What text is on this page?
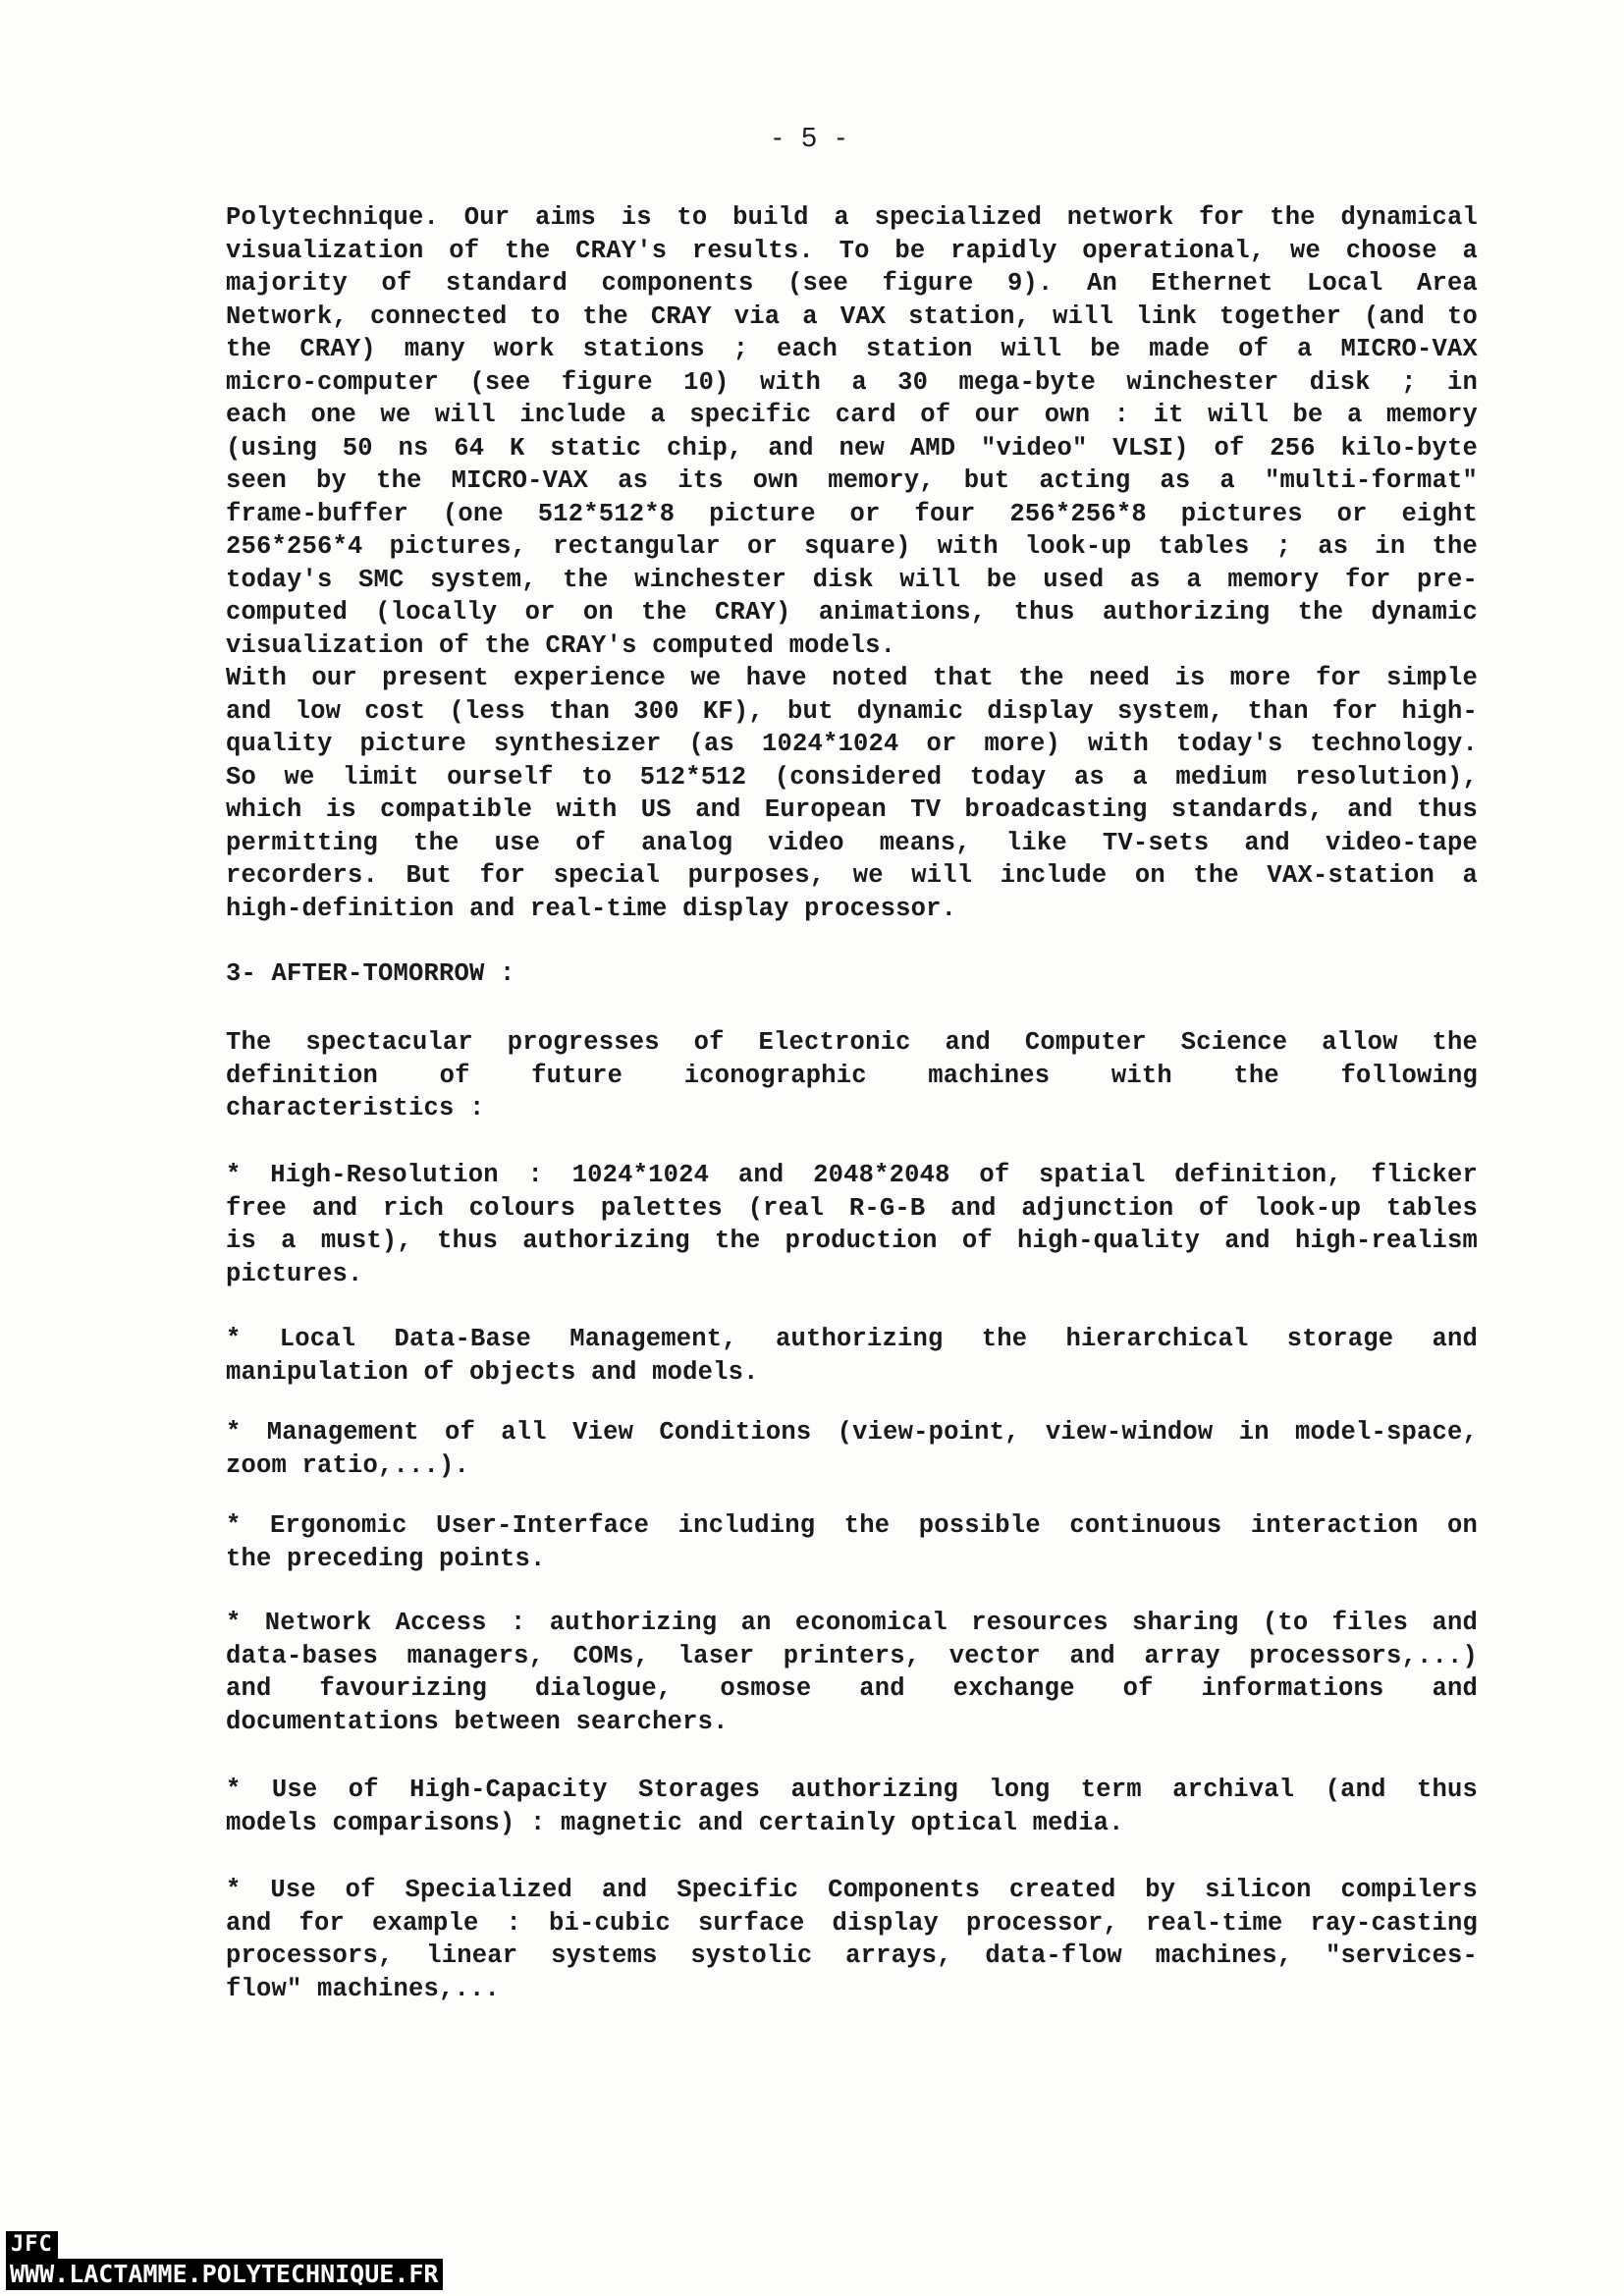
- 5 -
Polytechnique. Our aims is to build a specialized network for the dynamical
visualization of the CRAY's results. To be rapidly operational, we choose a
majority of standard components (see figure 9). An Ethernet Local Area
Network, connected to the CRAY via a VAX station, will link together (and to
the CRAY) many work stations ; each station will be made of a MICRO-VAX
micro-computer (see figure 10) with a 30 mega-byte winchester disk ; in
each one we will include a specific card of our own : it will be a memory
(using 50 ns 64 K static chip, and new AMD "video" VLSI) of 256 kilo-byte
seen by the MICRO-VAX as its own memory, but acting as a "multi-format"
frame-buffer (one 512*512*8 picture or four 256*256*8 pictures or eight
256*256*4 pictures, rectangular or square) with look-up tables ; as in the
today's SMC system, the winchester disk will be used as a memory for pre-
computed (locally or on the CRAY) animations, thus authorizing the dynamic
visualization of the CRAY's computed models.
With our present experience we have noted that the need is more for simple
and low cost (less than 300 KF), but dynamic display system, than for high-
quality picture synthesizer (as 1024*1024 or more) with today's technology.
So we limit ourself to 512*512 (considered today as a medium resolution),
which is compatible with US and European TV broadcasting standards, and thus
permitting the use of analog video means, like TV-sets and video-tape
recorders. But for special purposes, we will include on the VAX-station a
high-definition and real-time display processor.
3- AFTER-TOMORROW :
The spectacular progresses of Electronic and Computer Science allow the
definition of future iconographic machines with the following
characteristics :
* High-Resolution : 1024*1024 and 2048*2048 of spatial definition, flicker
free and rich colours palettes (real R-G-B and adjunction of look-up tables
is a must), thus authorizing the production of high-quality and high-realism
pictures.
* Local Data-Base Management, authorizing the hierarchical storage and
manipulation of objects and models.
* Management of all View Conditions (view-point, view-window in model-space,
zoom ratio,...).
* Ergonomic User-Interface including the possible continuous interaction on
the preceding points.
* Network Access : authorizing an economical resources sharing (to files and
data-bases managers, COMs, laser printers, vector and array processors,...)
and favourizing dialogue, osmose and exchange of informations and
documentations between searchers.
* Use of High-Capacity Storages authorizing long term archival (and thus
models comparisons) : magnetic and certainly optical media.
* Use of Specialized and Specific Components created by silicon compilers
and for example : bi-cubic surface display processor, real-time ray-casting
processors, linear systems systolic arrays, data-flow machines, "services-
flow" machines,...
JFC
WWW.LACTAMME.POLYTECHNIQUE.FR
